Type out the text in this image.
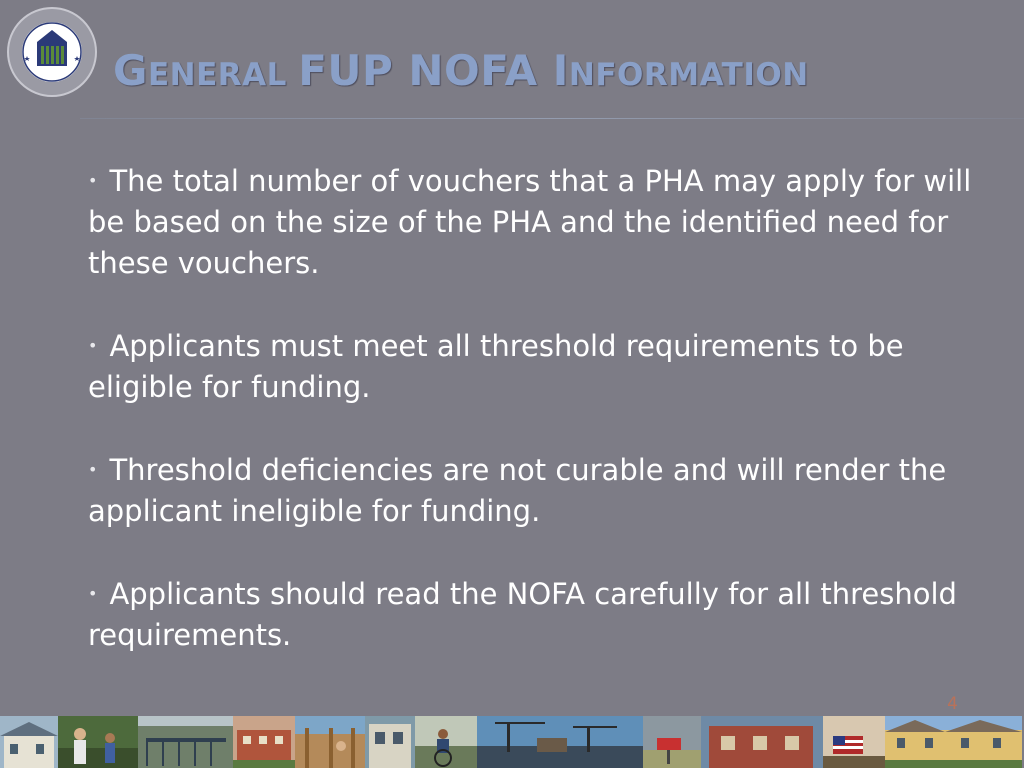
GENERAL FUP NOFA INFORMATION

• The total number of vouchers that a PHA may apply for will be based on the size of the PHA and the identified need for these vouchers.

• Applicants must meet all threshold requirements to be eligible for funding.

• Threshold deficiencies are not curable and will render the applicant ineligible for funding.

• Applicants should read the NOFA carefully for all threshold requirements.

4
